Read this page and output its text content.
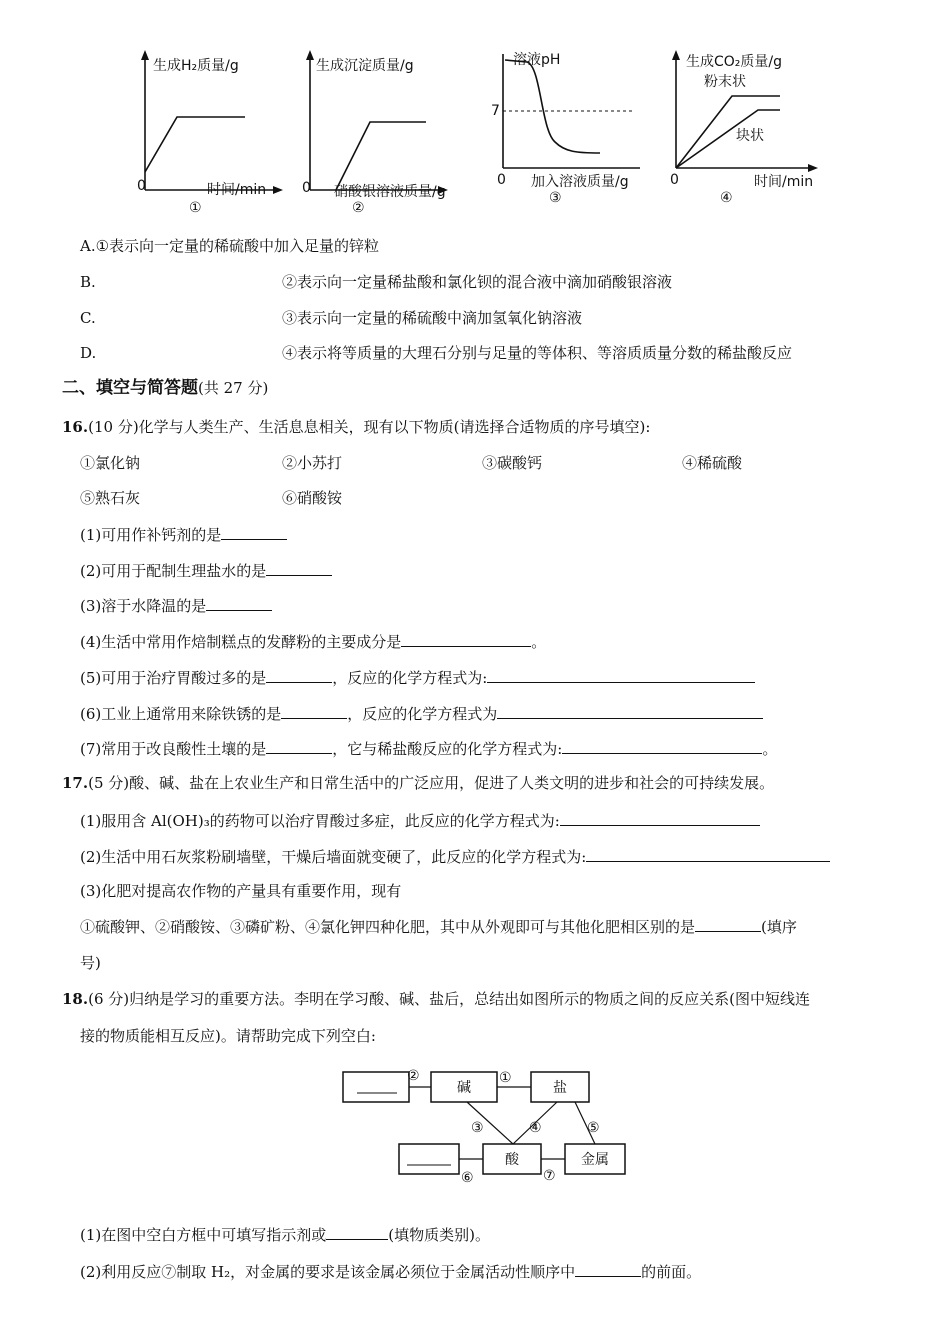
生成H₂质量/g
0	时间/min
①
生成沉淀质量/g
0 硝酸银溶液质量/g
②
溶液pH
7
0 加入溶液质量/g
③
生成CO₂质量/g
粉末状
块状
0	时间/min
④
A.①表示向一定量的稀硫酸中加入足量的锌粒
B.	②表示向一定量稀盐酸和氯化钡的混合液中滴加硝酸银溶液
C.	③表示向一定量的稀硫酸中滴加氢氧化钠溶液
D.	④表示将等质量的大理石分别与足量的等体积、等溶质质量分数的稀盐酸反应
二、填空与简答题(共 27 分)
16.(10 分)化学与人类生产、生活息息相关，现有以下物质(请选择合适物质的序号填空):
①氯化钠	②小苏打	③碳酸钙	④稀硫酸
⑤熟石灰	⑥硝酸铵
(1)可用作补钙剂的是
(2)可用于配制生理盐水的是
(3)溶于水降温的是
(4)生活中常用作焙制糕点的发酵粉的主要成分是	。
(5)可用于治疗胃酸过多的是	，反应的化学方程式为:
(6)工业上通常用来除铁锈的是	，反应的化学方程式为
(7)常用于改良酸性土壤的是	，它与稀盐酸反应的化学方程式为:	。
17.(5 分)酸、碱、盐在上农业生产和日常生活中的广泛应用，促进了人类文明的进步和社会的可持续发展。
(1)服用含 Al(OH)₃的药物可以治疗胃酸过多症，此反应的化学方程式为:
(2)生活中用石灰浆粉刷墙壁，干燥后墙面就变硬了，此反应的化学方程式为:
(3)化肥对提高农作物的产量具有重要作用，现有
①硫酸钾、②硝酸铵、③磷矿粉、④氯化钾四种化肥，其中从外观即可与其他化肥相区别的是	(填序
号)
18.(6 分)归纳是学习的重要方法。李明在学习酸、碱、盐后，总结出如图所示的物质之间的反应关系(图中短线连
接的物质能相互反应)。请帮助完成下列空白:
碱	盐
酸	金属
②	①
③	④	⑤
⑥	⑦
(1)在图中空白方框中可填写指示剂或	(填物质类别)。
(2)利用反应⑦制取 H₂，对金属的要求是该金属必须位于金属活动性顺序中	的前面。
